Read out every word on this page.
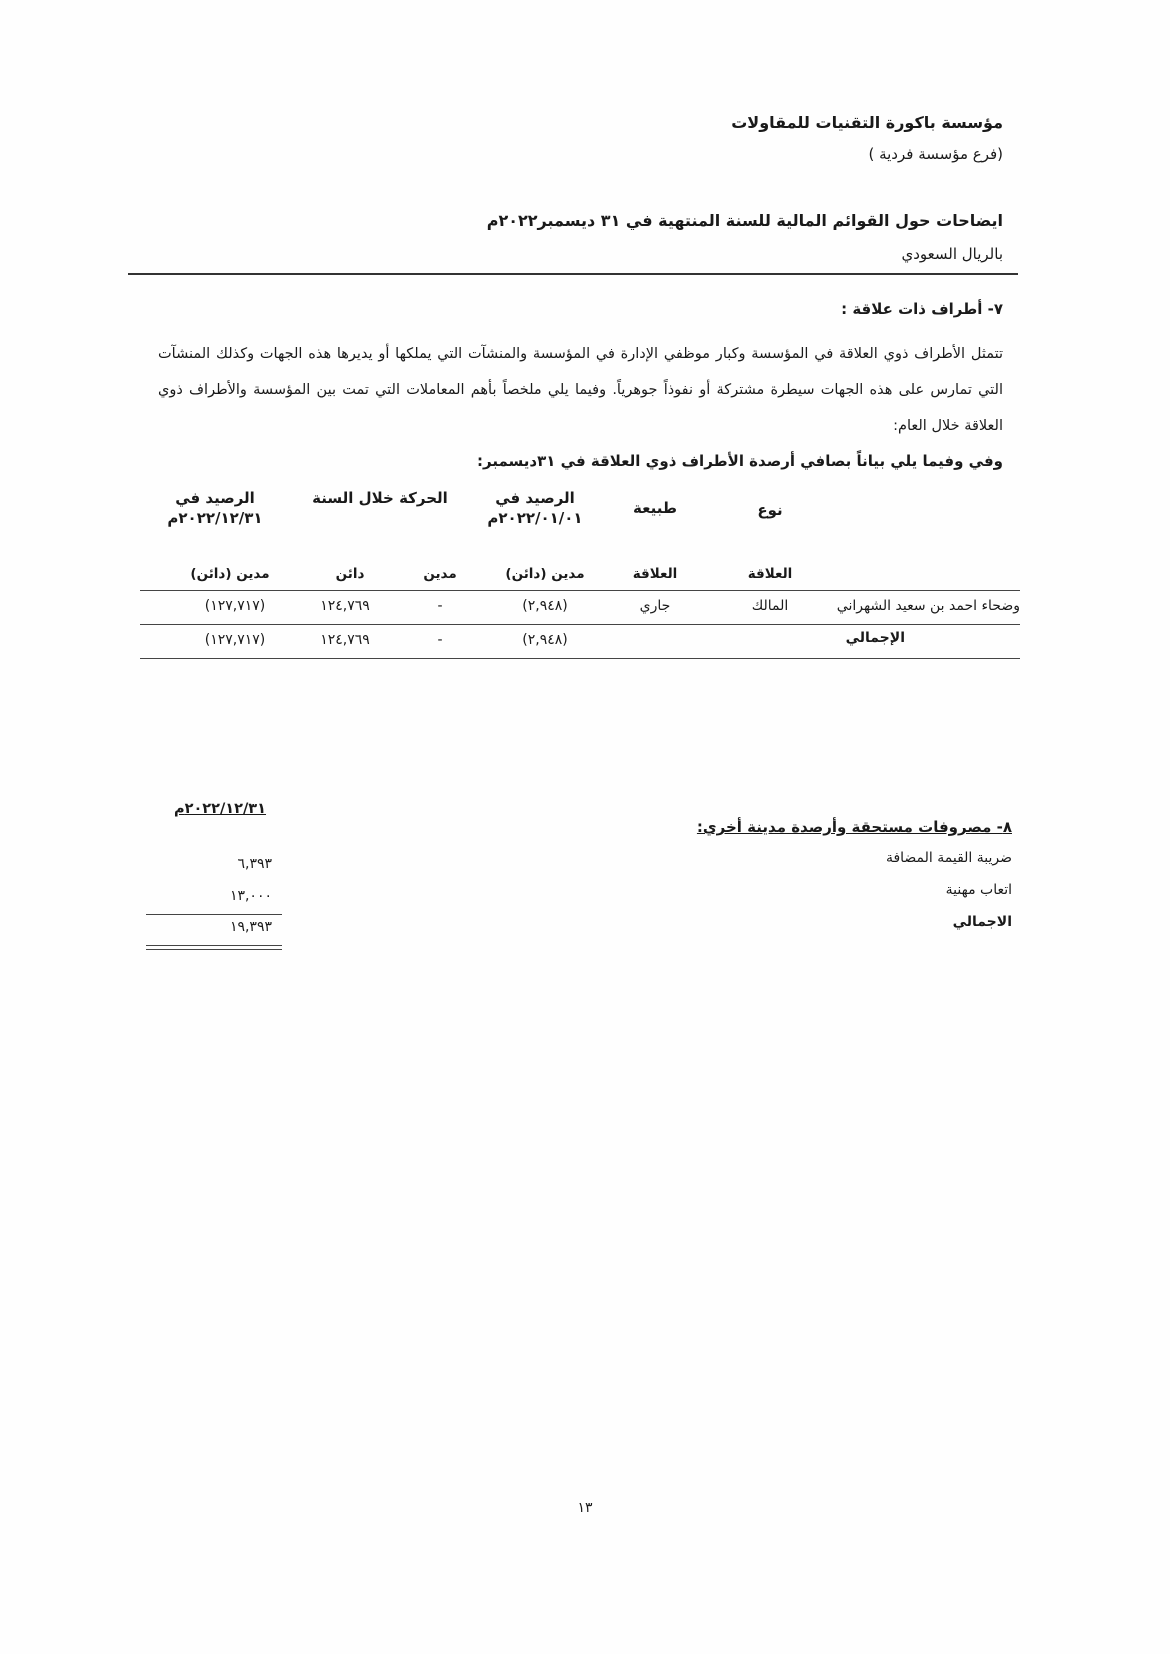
مؤسسة باكورة التقنيات للمقاولات
(فرع مؤسسة فردية )
ايضاحات حول القوائم المالية للسنة المنتهية في ٣١ ديسمبر٢٠٢٢م
بالريال السعودي
٧- أطراف ذات علاقة :
تتمثل الأطراف ذوي العلاقة في المؤسسة وكبار موظفي الإدارة في المؤسسة والمنشآت التي يملكها أو يديرها هذه الجهات وكذلك المنشآت التي تمارس على هذه الجهات سيطرة مشتركة أو نفوذاً جوهرياً. وفيما يلي ملخصاً بأهم المعاملات التي تمت بين المؤسسة والأطراف ذوي العلاقة خلال العام:
وفي وفيما يلي بياناً بصافي أرصدة الأطراف ذوي العلاقة في ٣١ديسمبر:
نوع
العلاقة
طبيعة
العلاقة
الرصيد في
٢٠٢٢/٠١/٠١م
الحركة خلال السنة
الرصيد في
٢٠٢٢/١٢/٣١م
مدين (دائن)
مدين
دائن
مدين (دائن)
وضحاء احمد بن سعيد الشهراني
المالك
جاري
(٢,٩٤٨)
-
١٢٤,٧٦٩
(١٢٧,٧١٧)
الإجمالي
(٢,٩٤٨)
-
١٢٤,٧٦٩
(١٢٧,٧١٧)
٨- مصروفات مستحقة وأرصدة مدينة أخري:
٢٠٢٢/١٢/٣١م
ضريبة القيمة المضافة
٦,٣٩٣
اتعاب مهنية
١٣,٠٠٠
الاجمالي
١٩,٣٩٣
١٣
